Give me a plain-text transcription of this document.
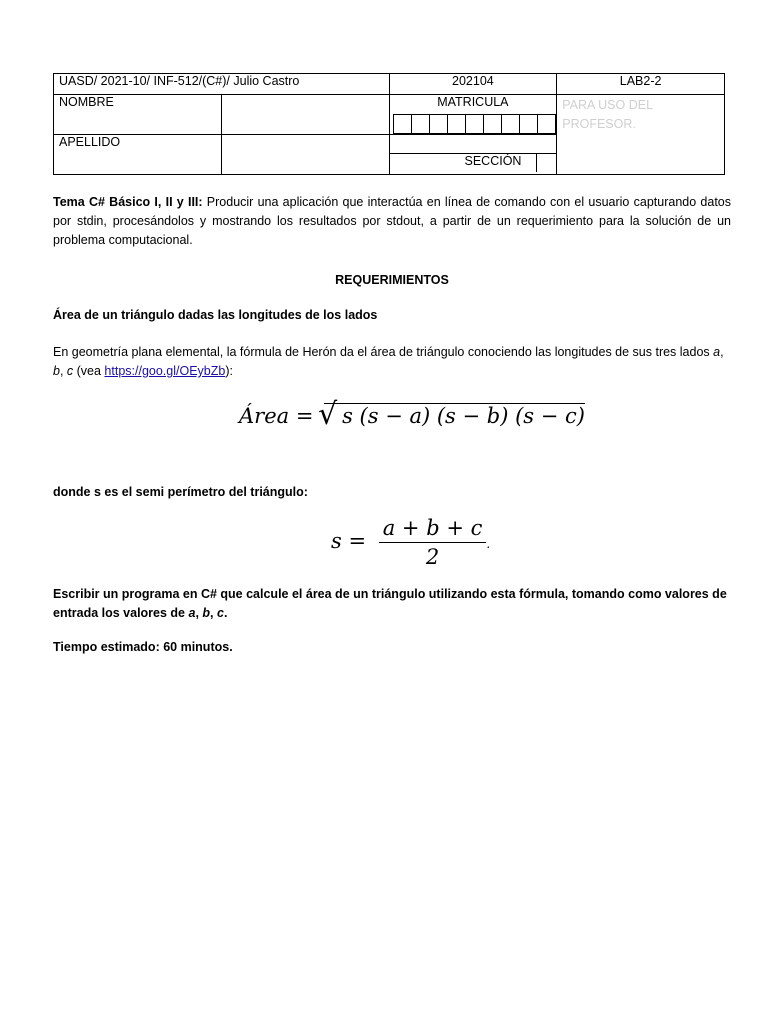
UASD/ 2021-10/ INF-512/(C#)/ Julio Castro		202104	LAB2-2
NOMBRE		MATRICULA	PARA USO DEL PROFESOR.
APELLIDO			

		SECCIÓN	

Tema C# Básico I, II y III: Producir una aplicación que interactúa en línea de comando con el usuario capturando datos por stdin, procesándolos y mostrando los resultados por stdout, a partir de un requerimiento para la solución de un problema computacional.

REQUERIMIENTOS

Área de un triángulo dadas las longitudes de los lados

En geometría plana elemental, la fórmula de Herón da el área de triángulo conociendo las longitudes de sus tres lados a, b, c (vea https://goo.gl/OEybZb):

Área = √ s (s − a) (s − b) (s − c)

donde s es el semi perímetro del triángulo:

$s = \frac{a + b + c}{2}$ .

Escribir un programa en C# que calcule el área de un triángulo utilizando esta fórmula, tomando como valores de entrada los valores de a, b, c.

Tiempo estimado: 60 minutos.
